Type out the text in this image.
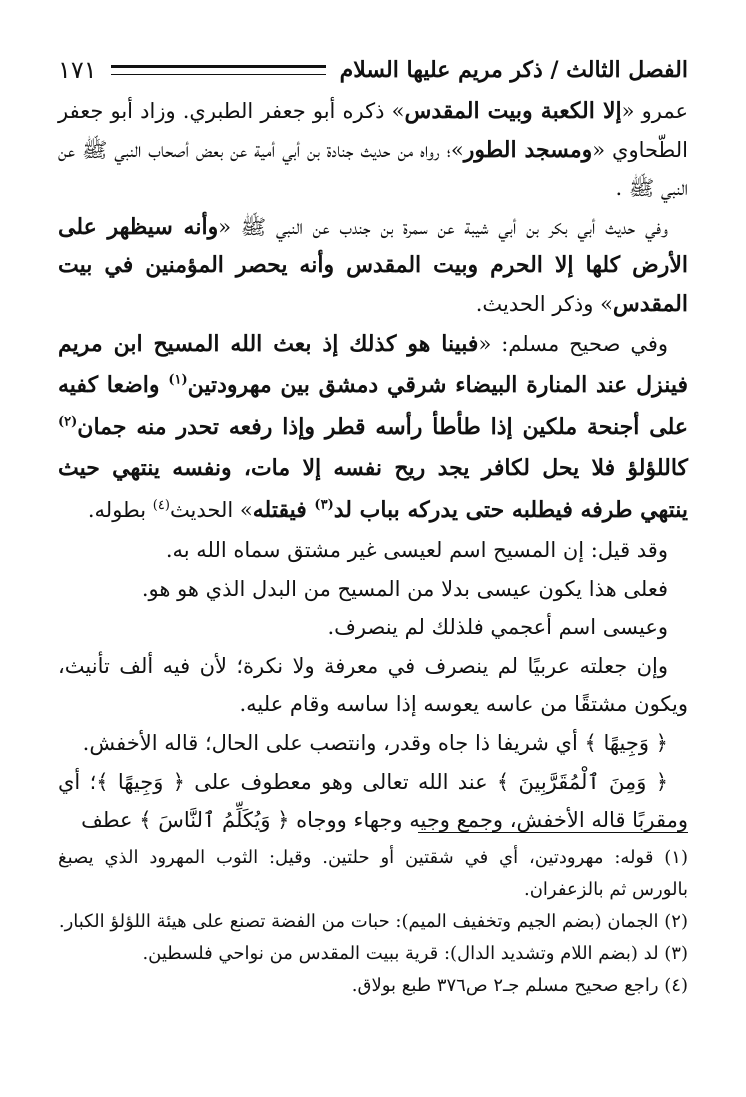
الفصل الثالث / ذكر مريم عليها السلام
١٧١

عمرو «إلا الكعبة وبيت المقدس» ذكره أبو جعفر الطبري. وزاد أبو جعفر الطّحاوي «ومسجد الطور»؛ رواه من حديث جنادة بن أبي أمية عن بعض أصحاب النبي ﷺ عن النبي ﷺ .

وفي حديث أبي بكر بن أبي شيبة عن سمرة بن جندب عن النبي ﷺ «وأنه سيظهر على الأرض كلها إلا الحرم وبيت المقدس وأنه يحصر المؤمنين في بيت المقدس» وذكر الحديث.

وفي صحيح مسلم: «فبينا هو كذلك إذ بعث الله المسيح ابن مريم فينزل عند المنارة البيضاء شرقي دمشق بين مهرودتين$^{(١)}$ واضعا كفيه على أجنحة ملكين إذا طأطأ رأسه قطر وإذا رفعه تحدر منه جمان$^{(٢)}$ كاللؤلؤ فلا يحل لكافر يجد ريح نفسه إلا مات، ونفسه ينتهي حيث ينتهي طرفه فيطلبه حتى يدركه بباب لد$^{(٣)}$ فيقتله» الحديث$^{(٤)}$ بطوله.

وقد قيل: إن المسيح اسم لعيسى غير مشتق سماه الله به.

فعلى هذا يكون عيسى بدلا من المسيح من البدل الذي هو هو.

وعيسى اسم أعجمي فلذلك لم ينصرف.

وإن جعلته عربيًا لم ينصرف في معرفة ولا نكرة؛ لأن فيه ألف تأنيث، ويكون مشتقًا من عاسه يعوسه إذا ساسه وقام عليه.

﴿ وَجِيهًا ﴾ أي شريفا ذا جاه وقدر، وانتصب على الحال؛ قاله الأخفش.

﴿ وَمِنَ ٱلْمُقَرَّبِينَ ﴾ عند الله تعالى وهو معطوف على ﴿ وَجِيهًا ﴾؛ أي ومقربًا قاله الأخفش، وجمع وجيه وجهاء ووجاه ﴿ وَيُكَلِّمُ ٱلنَّاسَ ﴾ عطف

(١) قوله: مهرودتين، أي في شقتين أو حلتين. وقيل: الثوب المهرود الذي يصبغ بالورس ثم بالزعفران.

(٢) الجمان (بضم الجيم وتخفيف الميم): حبات من الفضة تصنع على هيئة اللؤلؤ الكبار.

(٣) لد (بضم اللام وتشديد الدال): قرية ببيت المقدس من نواحي فلسطين.

(٤) راجع صحيح مسلم جـ٢ ص٣٧٦ طبع بولاق.
